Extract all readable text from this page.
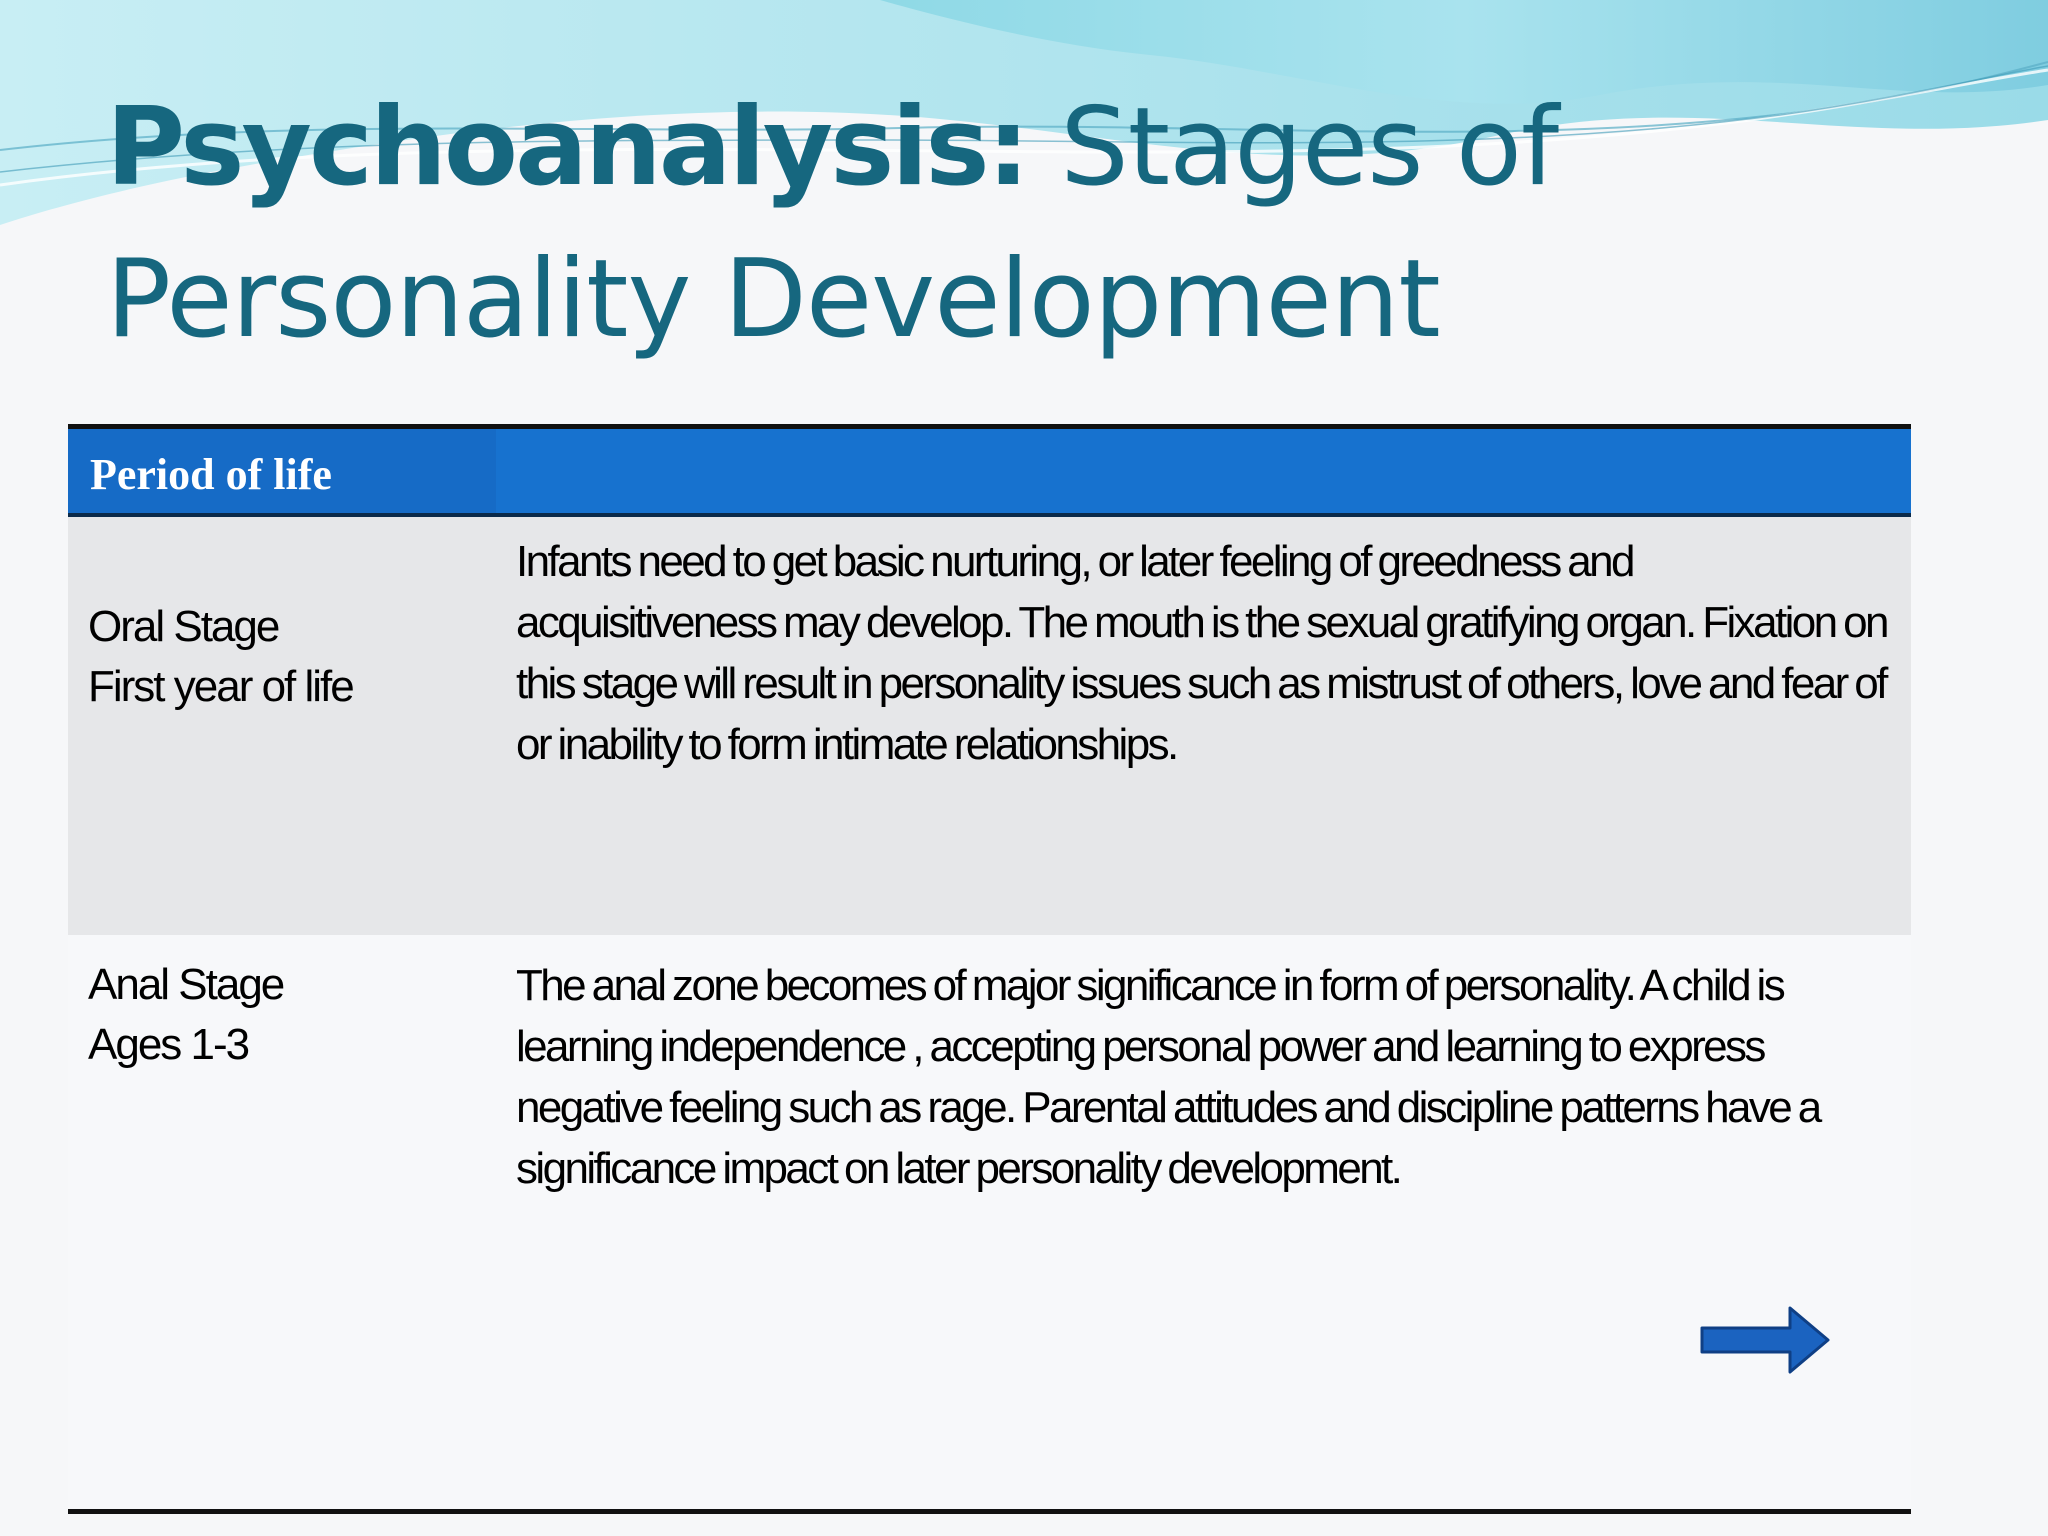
Psychoanalysis: Stages of Personality Development
Period of life
Oral Stage
First year of life
Infants need to get basic nurturing, or later feeling of greedness and acquisitiveness may develop. The mouth is the sexual gratifying organ. Fixation on this stage will result in personality issues such as mistrust of others, love and fear of or inability to form intimate relationships.
Anal Stage
Ages 1-3
The anal zone becomes of major significance in form of personality. A child is learning independence , accepting personal power and learning to express negative feeling such as rage. Parental attitudes and discipline patterns have a significance impact on later personality development.
